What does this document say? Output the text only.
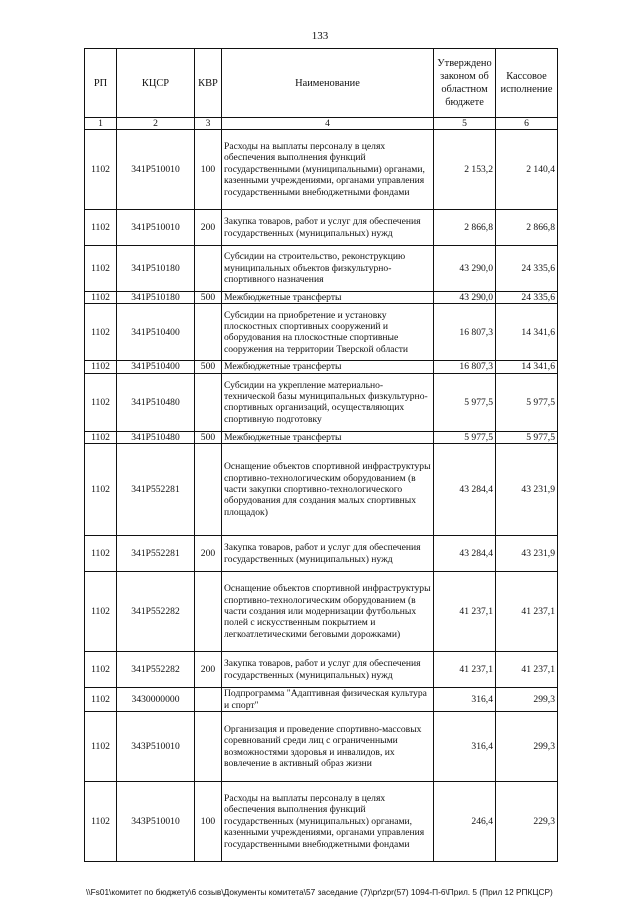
133
РП	КЦСР	КВР	Наименование	Утверждено законом об областном бюджете	Кассовое исполнение
1	2	3	4	5	6
1102	341P510010	100	Расходы на выплаты персоналу в целях обеспечения выполнения функций государственными (муниципальными) органами, казенными учреждениями, органами управления государственными внебюджетными фондами	2 153,2	2 140,4
1102	341P510010	200	Закупка товаров, работ и услуг для обеспечения государственных (муниципальных) нужд	2 866,8	2 866,8
1102	341P510180		Субсидии на строительство, реконструкцию муниципальных объектов физкультурно-спортивного назначения	43 290,0	24 335,6
1102	341P510180	500	Межбюджетные трансферты	43 290,0	24 335,6
1102	341P510400		Субсидии на приобретение и установку плоскостных спортивных сооружений и оборудования на плоскостные спортивные сооружения на территории Тверской области	16 807,3	14 341,6
1102	341P510400	500	Межбюджетные трансферты	16 807,3	14 341,6
1102	341P510480		Субсидии на укрепление материально-технической базы муниципальных физкультурно-спортивных организаций, осуществляющих спортивную подготовку	5 977,5	5 977,5
1102	341P510480	500	Межбюджетные трансферты	5 977,5	5 977,5
1102	341P552281		Оснащение объектов спортивной инфраструктуры спортивно-технологическим оборудованием (в части закупки спортивно-технологического оборудования для создания малых спортивных площадок)	43 284,4	43 231,9
1102	341P552281	200	Закупка товаров, работ и услуг для обеспечения государственных (муниципальных) нужд	43 284,4	43 231,9
1102	341P552282		Оснащение объектов спортивной инфраструктуры спортивно-технологическим оборудованием (в части создания или модернизации футбольных полей с искусственным покрытием и легкоатлетическими беговыми дорожками)	41 237,1	41 237,1
1102	341P552282	200	Закупка товаров, работ и услуг для обеспечения государственных (муниципальных) нужд	41 237,1	41 237,1
1102	3430000000		Подпрограмма "Адаптивная физическая культура и спорт"	316,4	299,3
1102	343P510010		Организация и проведение спортивно-массовых соревнований среди лиц с ограниченными возможностями здоровья и инвалидов, их вовлечение в активный образ жизни	316,4	299,3
1102	343P510010	100	Расходы на выплаты персоналу в целях обеспечения выполнения функций государственных (муниципальных) органами, казенными учреждениями, органами управления государственными внебюджетными фондами	246,4	229,3
\\Fs01\комитет по бюджету\6 созыв\Документы комитета\57 заседание (7)\pr\zpr(57) 1094-П-6\Прил. 5 (Прил 12 РПКЦСР)
